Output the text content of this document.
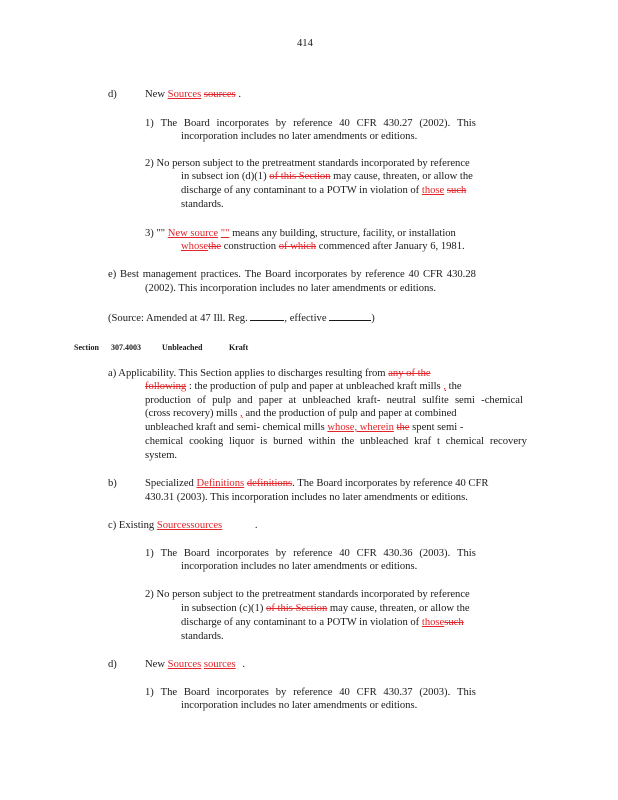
414
d)	New Sources sources .
1) The Board incorporates by reference 40 CFR 430.27 (2002). This
incorporation includes no later amendments or editions.
2) No person subject to the pretreatment standards incorporated by reference
in subsect ion (d)(1) of this Section may cause, threaten, or allow the
discharge of any contaminant to a POTW in violation of those such
standards.
3) "" New source "" means any building, structure, facility, or installation
whosethe construction of which commenced after January 6, 1981.
e) Best management practices. The Board incorporates by reference 40 CFR 430.28
(2002). This incorporation includes no later amendments or editions.
(Source: Amended at 47 Ill. Reg.	, effective	)
Section 307.4003	Unbleached	Kraft
a) Applicability. This Section applies to discharges resulting from any of the
following : the production of pulp and paper at unbleached kraft mills , the
production of pulp and paper at unbleached kraft- neutral sulfite semi -chemical
(cross recovery) mills , and the production of pulp and paper at combined
unbleached kraft and semi- chemical mills whose, wherein the spent semi -
chemical cooking liquor is burned within the unbleached kraf t chemical recovery
system.
b)	Specialized Definitions definitions. The Board incorporates by reference 40 CFR
430.31 (2003). This incorporation includes no later amendments or editions.
c) Existing Sourcessources	.
1) The Board incorporates by reference 40 CFR 430.36 (2003). This
incorporation includes no later amendments or editions.
2) No person subject to the pretreatment standards incorporated by reference
in subsection (c)(1) of this Section may cause, threaten, or allow the
discharge of any contaminant to a POTW in violation of thosesuch
standards.
d)	New Sources sources .
1) The Board incorporates by reference 40 CFR 430.37 (2003). This
incorporation includes no later amendments or editions.
